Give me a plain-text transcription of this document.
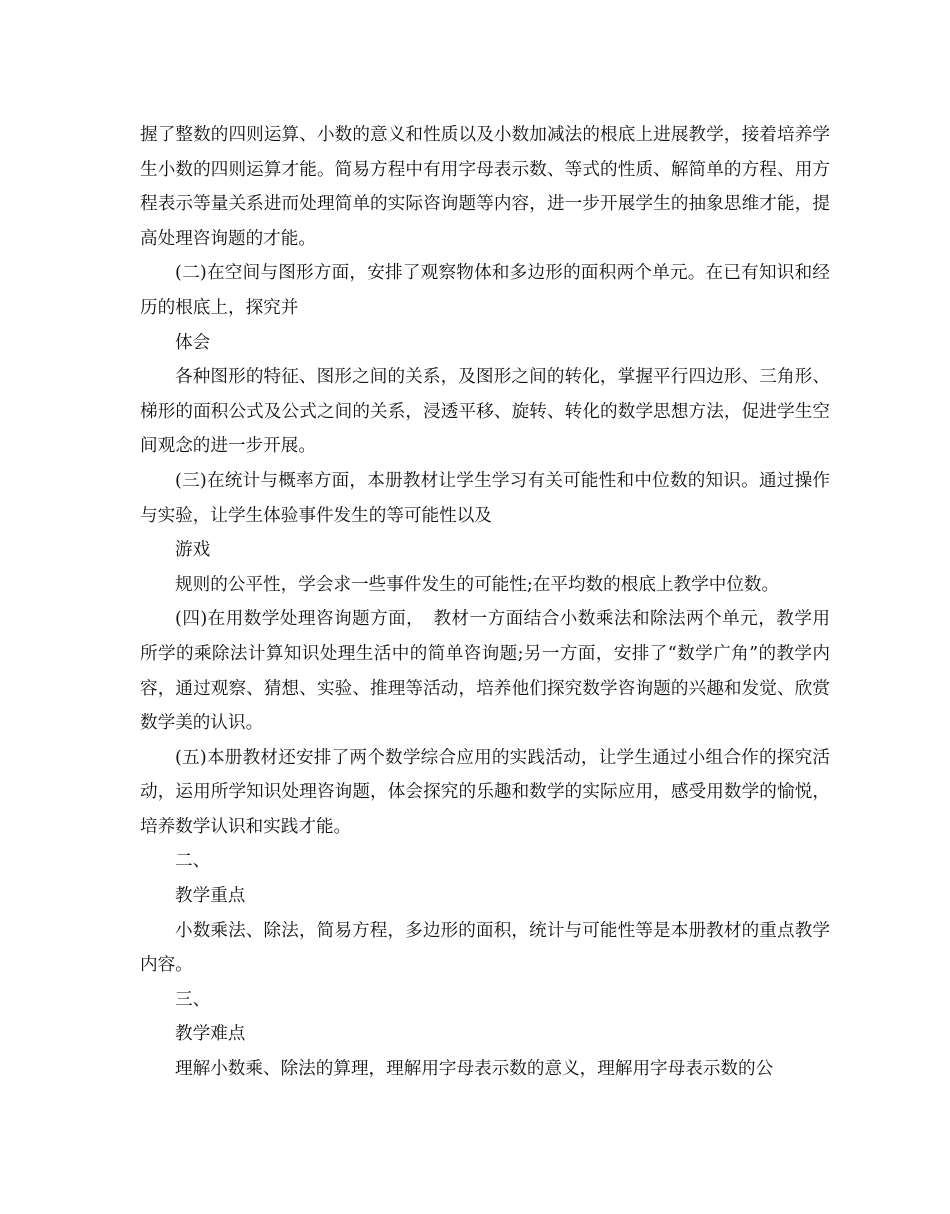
握了整数的四则运算、小数的意义和性质以及小数加减法的根底上进展教学，接着培养学生小数的四则运算才能。简易方程中有用字母表示数、等式的性质、解简单的方程、用方程表示等量关系进而处理简单的实际咨询题等内容，进一步开展学生的抽象思维才能，提高处理咨询题的才能。

(二)在空间与图形方面，安排了观察物体和多边形的面积两个单元。在已有知识和经历的根底上，探究并

体会

各种图形的特征、图形之间的关系，及图形之间的转化，掌握平行四边形、三角形、梯形的面积公式及公式之间的关系，浸透平移、旋转、转化的数学思想方法，促进学生空间观念的进一步开展。

(三)在统计与概率方面，本册教材让学生学习有关可能性和中位数的知识。通过操作与实验，让学生体验事件发生的等可能性以及

游戏

规则的公平性，学会求一些事件发生的可能性;在平均数的根底上教学中位数。

(四)在用数学处理咨询题方面，　教材一方面结合小数乘法和除法两个单元，教学用所学的乘除法计算知识处理生活中的简单咨询题;另一方面，安排了“数学广角”的教学内容，通过观察、猜想、实验、推理等活动，培养他们探究数学咨询题的兴趣和发觉、欣赏数学美的认识。

(五)本册教材还安排了两个数学综合应用的实践活动，让学生通过小组合作的探究活动，运用所学知识处理咨询题，体会探究的乐趣和数学的实际应用，感受用数学的愉悦，培养数学认识和实践才能。

二、

教学重点

小数乘法、除法，简易方程，多边形的面积，统计与可能性等是本册教材的重点教学内容。

三、

教学难点

理解小数乘、除法的算理，理解用字母表示数的意义，理解用字母表示数的公
